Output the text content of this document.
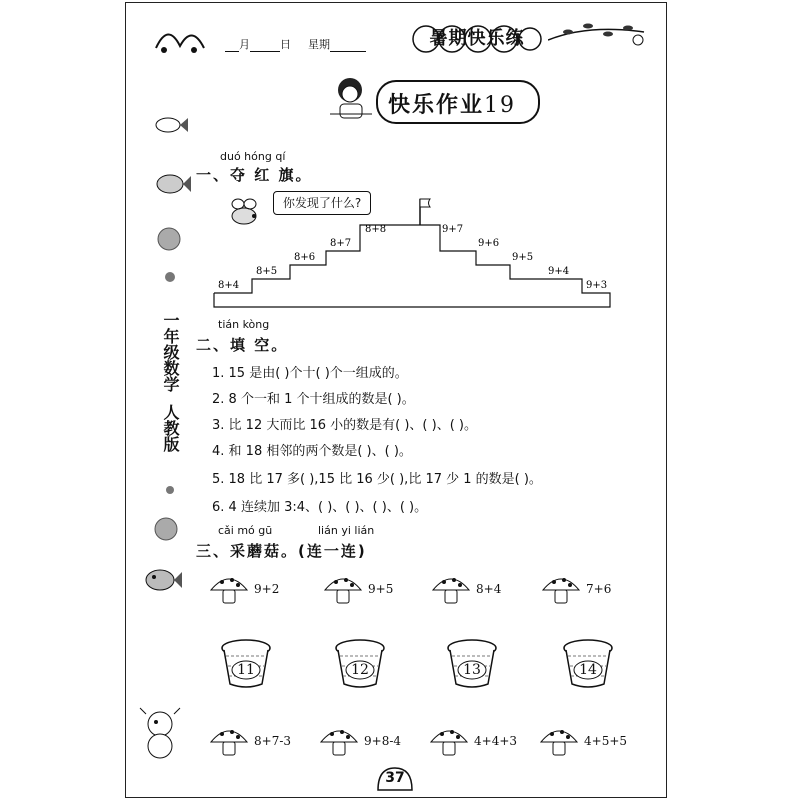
月	日 星期	暑期快乐练
快乐作业19
一年级数学
人教版
duó hóng qí
一、夺 红 旗。
你发现了什么?
8+4
8+5
8+6
8+7
8+8	9+7
9+6
9+5
9+4
9+3
tián kòng
二、填 空。
1. 15 是由( )个十( )个一组成的。
2. 8 个一和 1 个十组成的数是( )。
3. 比 12 大而比 16 小的数是有( )、( )、( )。
4. 和 18 相邻的两个数是( )、( )。
5. 18 比 17 多( ),15 比 16 少( ),比 17 少 1 的数是( )。
6. 4 连续加 3:4、( )、( )、( )、( )。
cǎi mó gū	lián yi lián
三、采蘑菇。(连一连)
9+2	9+5	8+4	7+6
11	12	13	14
8+7-3	9+8-4	4+4+3	4+5+5
37
